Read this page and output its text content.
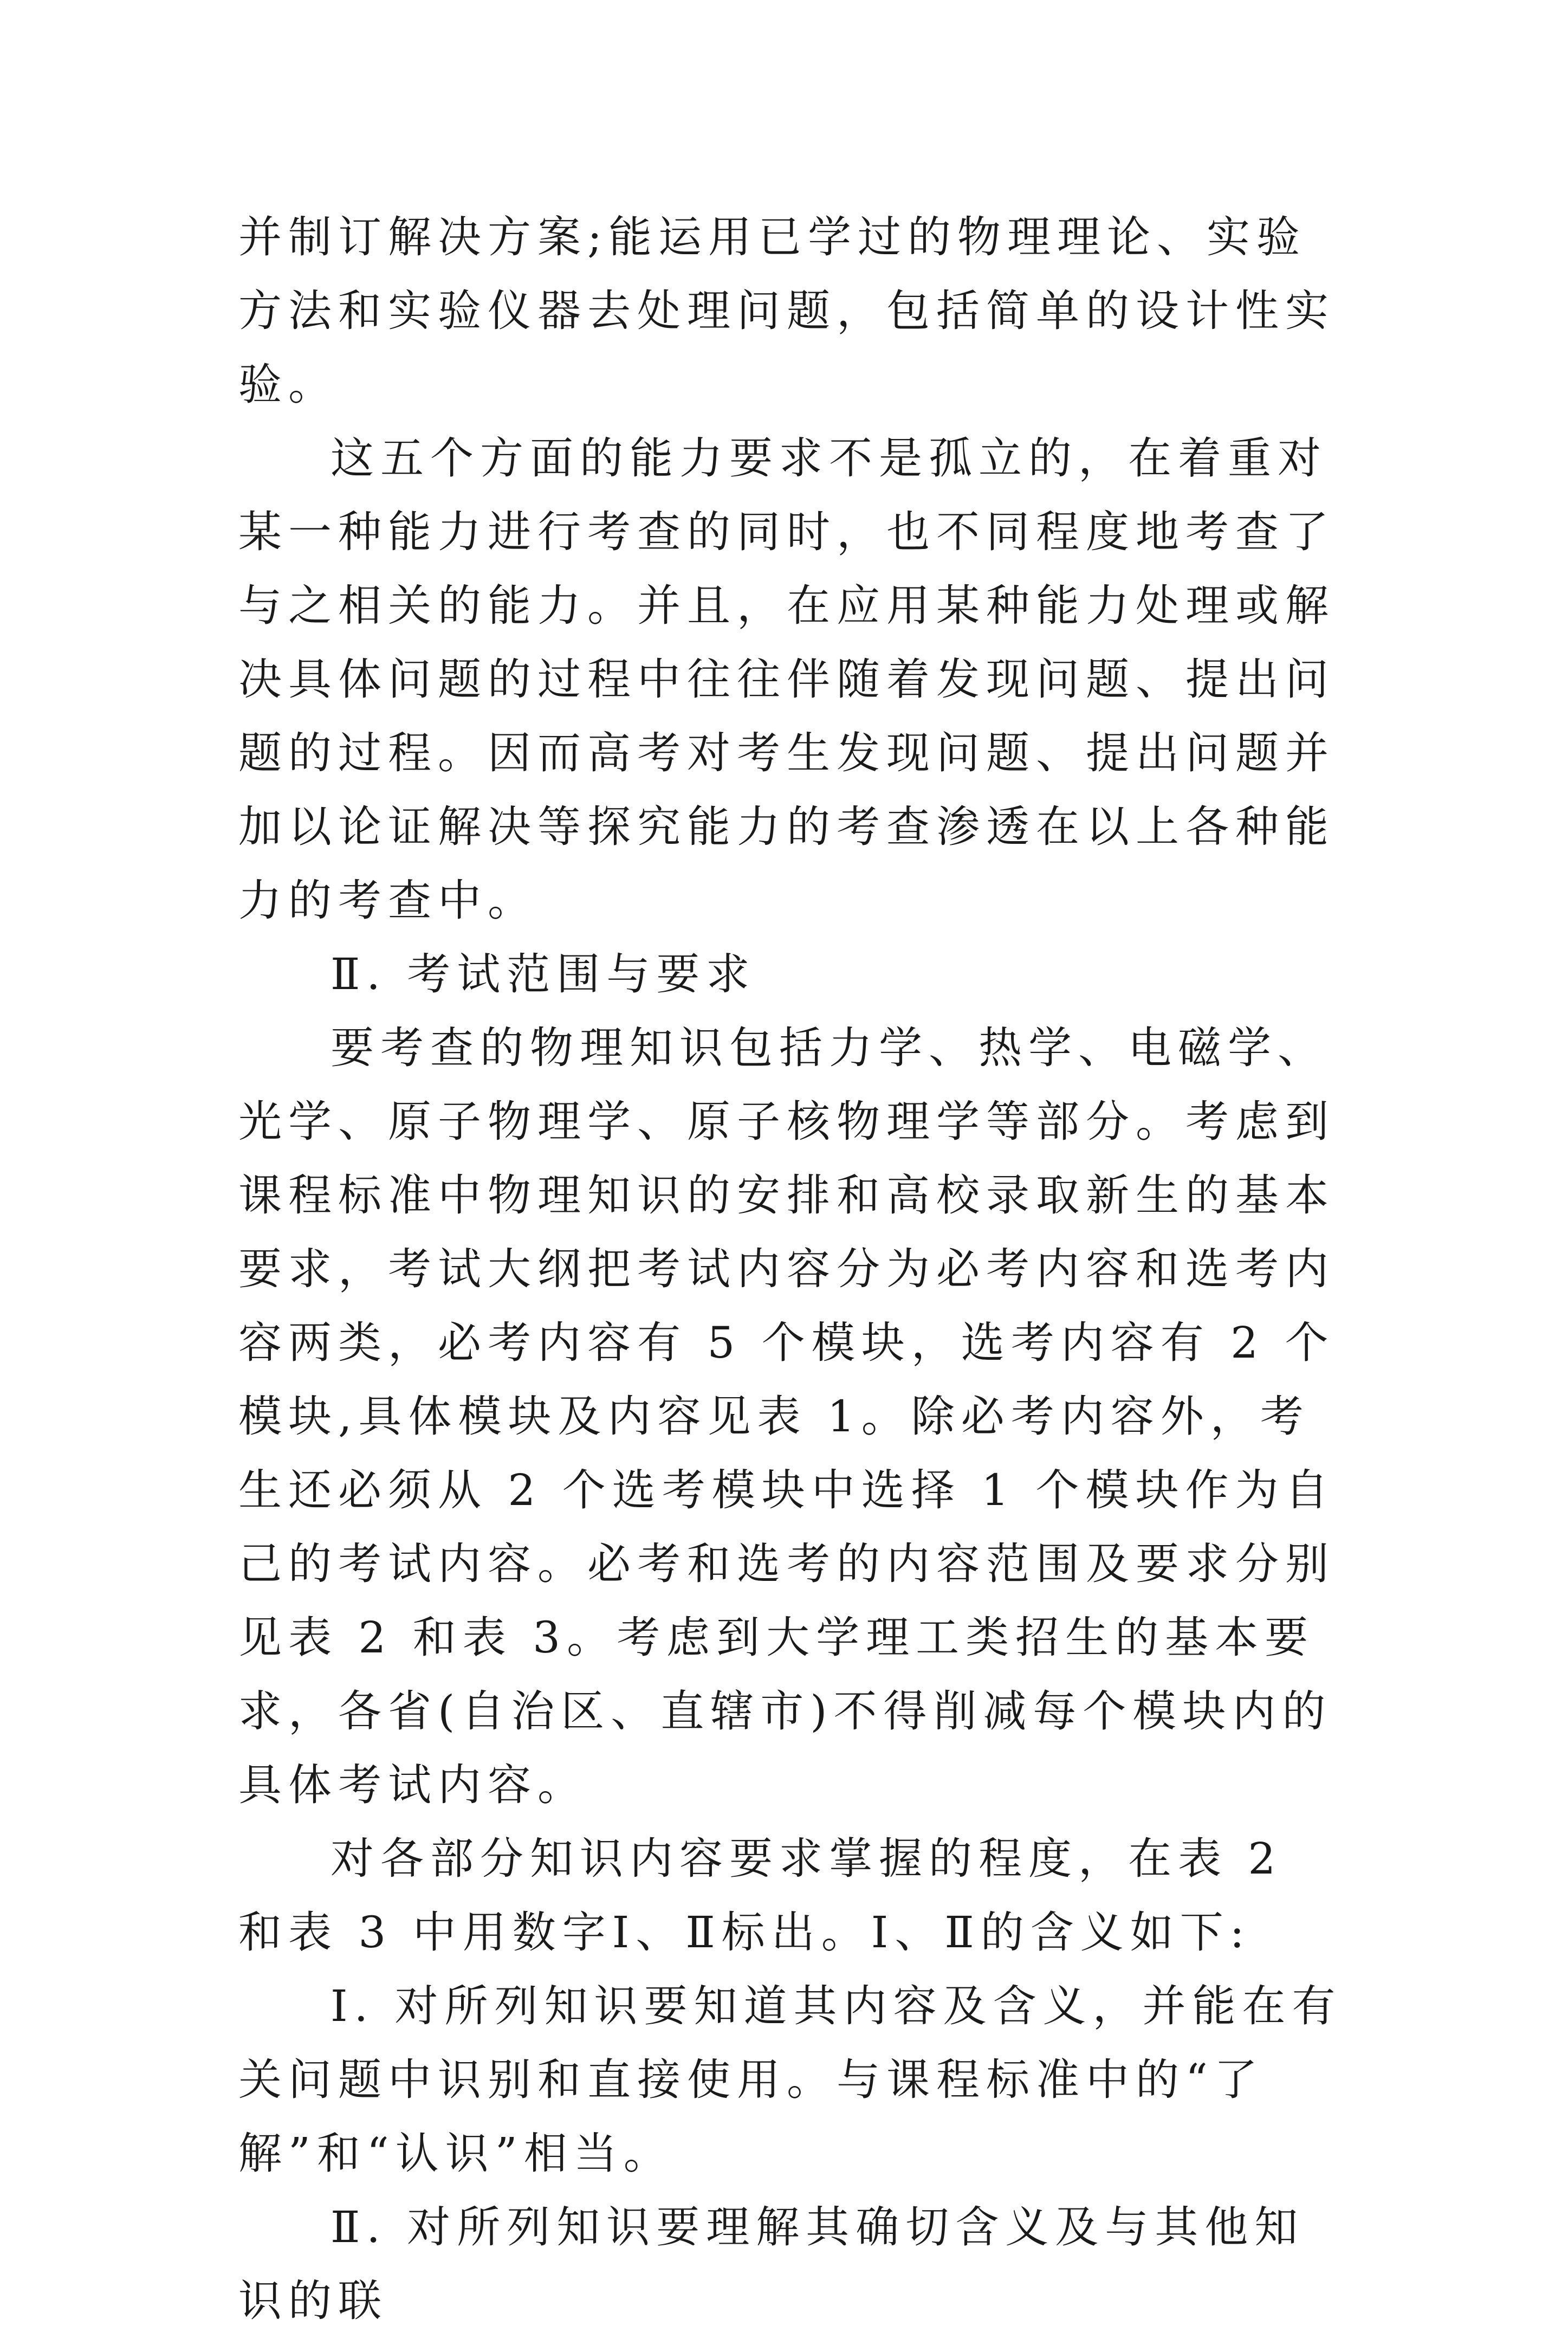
并制订解决方案;能运用已学过的物理理论、实验方法和实验仪器去处理问题，包括简单的设计性实验。

这五个方面的能力要求不是孤立的，在着重对某一种能力进行考查的同时，也不同程度地考查了与之相关的能力。并且，在应用某种能力处理或解决具体问题的过程中往往伴随着发现问题、提出问题的过程。因而高考对考生发现问题、提出问题并加以论证解决等探究能力的考查渗透在以上各种能力的考查中。

Ⅱ. 考试范围与要求

要考查的物理知识包括力学、热学、电磁学、光学、原子物理学、原子核物理学等部分。考虑到课程标准中物理知识的安排和高校录取新生的基本要求，考试大纲把考试内容分为必考内容和选考内容两类，必考内容有 5 个模块，选考内容有 2 个模块,具体模块及内容见表 1。除必考内容外，考生还必须从 2 个选考模块中选择 1 个模块作为自己的考试内容。必考和选考的内容范围及要求分别见表 2 和表 3。考虑到大学理工类招生的基本要求，各省(自治区、直辖市)不得削减每个模块内的具体考试内容。

对各部分知识内容要求掌握的程度，在表 2 和表 3 中用数字Ⅰ、Ⅱ标出。Ⅰ、Ⅱ的含义如下:

Ⅰ. 对所列知识要知道其内容及含义，并能在有关问题中识别和直接使用。与课程标准中的“了解”和“认识”相当。

Ⅱ. 对所列知识要理解其确切含义及与其他知识的联
